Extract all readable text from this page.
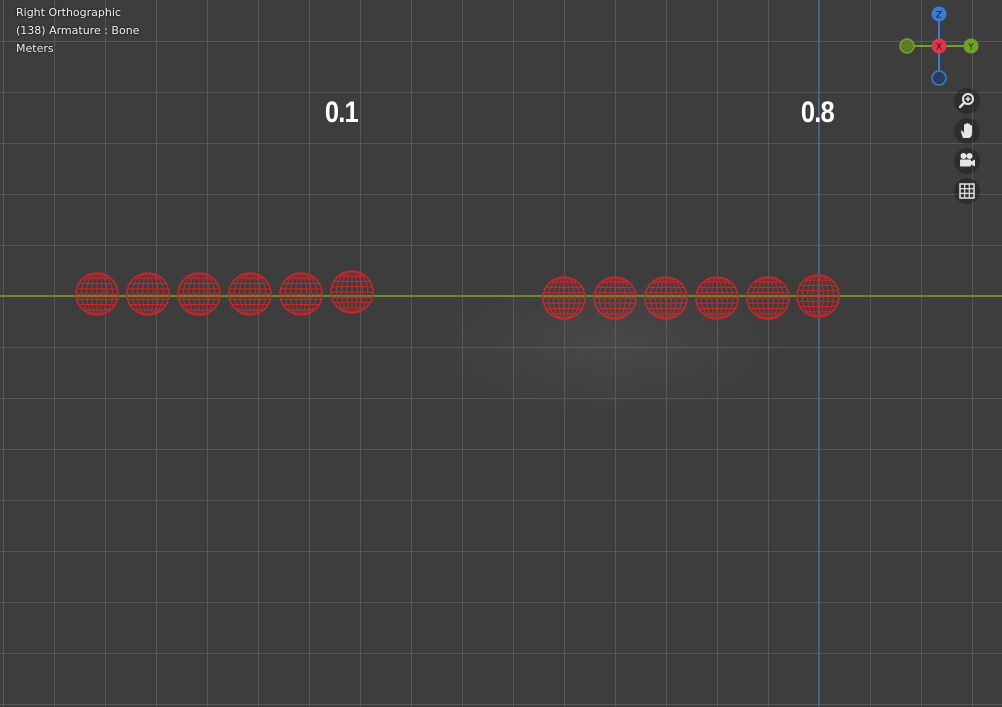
Right Orthographic
(138) Armature : Bone
Meters
0.1	0.8
Z
Y
X
